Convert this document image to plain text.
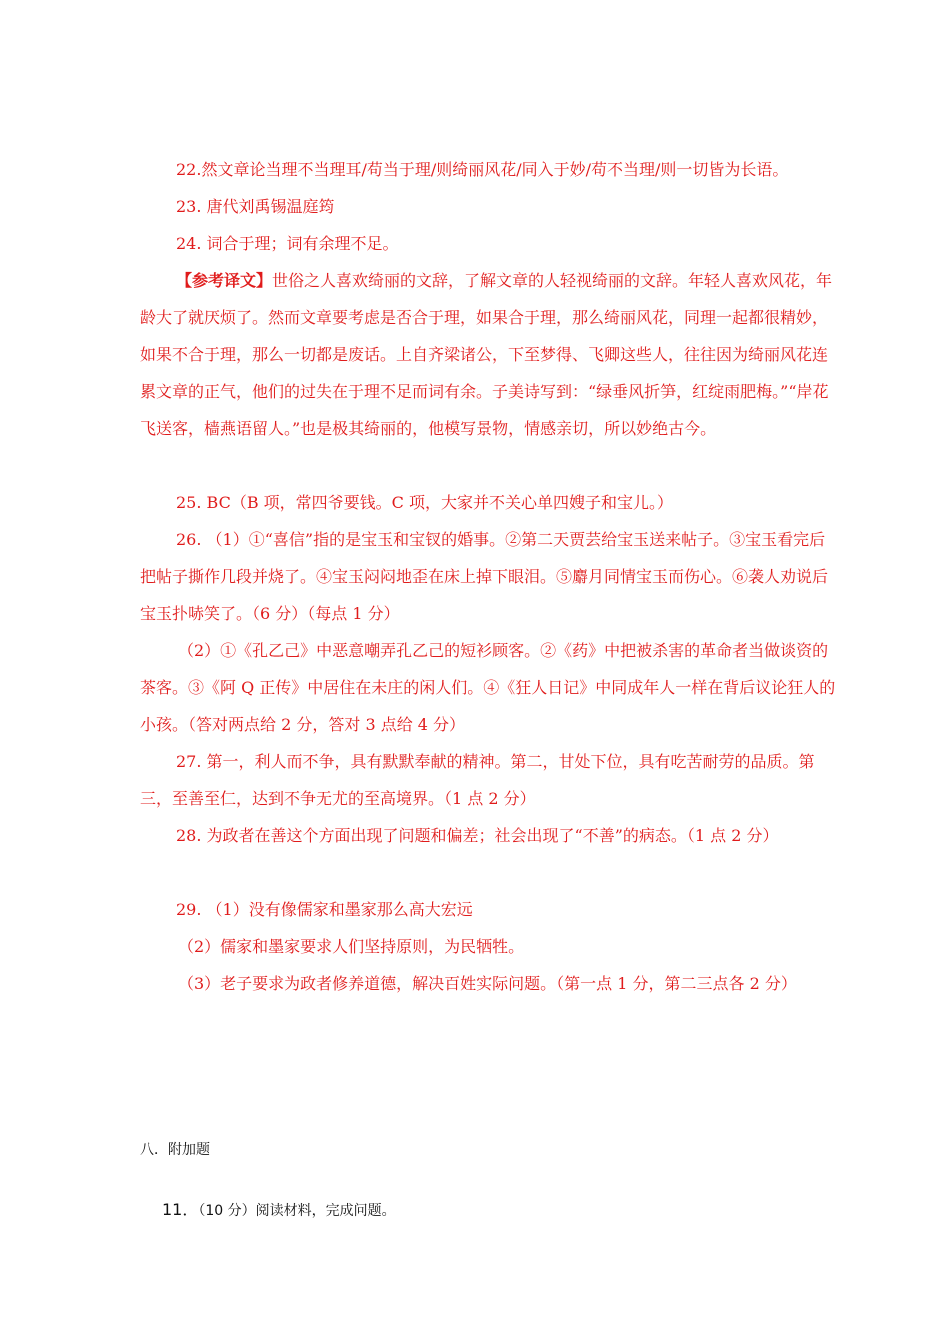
22.然文章论当理不当理耳/苟当于理/则绮丽风花/同入于妙/苟不当理/则一切皆为长语。

23. 唐代刘禹锡温庭筠

24. 词合于理；词有余理不足。

【参考译文】世俗之人喜欢绮丽的文辞，了解文章的人轻视绮丽的文辞。年轻人喜欢风花，年龄大了就厌烦了。然而文章要考虑是否合于理，如果合于理，那么绮丽风花，同理一起都很精妙，如果不合于理，那么一切都是废话。上自齐梁诸公，下至梦得、飞卿这些人，往往因为绮丽风花连累文章的正气，他们的过失在于理不足而词有余。子美诗写到：“绿垂风折笋，红绽雨肥梅。”“岸花飞送客，樯燕语留人。”也是极其绮丽的，他模写景物，情感亲切，所以妙绝古今。

25. BC（B 项，常四爷要钱。C 项，大家并不关心单四嫂子和宝儿。）

26. （1）①“喜信”指的是宝玉和宝钗的婚事。②第二天贾芸给宝玉送来帖子。③宝玉看完后把帖子撕作几段并烧了。④宝玉闷闷地歪在床上掉下眼泪。⑤麝月同情宝玉而伤心。⑥袭人劝说后宝玉扑哧笑了。（6 分）（每点 1 分）

（2）①《孔乙己》中恶意嘲弄孔乙己的短衫顾客。②《药》中把被杀害的革命者当做谈资的茶客。③《阿 Q 正传》中居住在未庄的闲人们。④《狂人日记》中同成年人一样在背后议论狂人的小孩。（答对两点给 2 分，答对 3 点给 4 分）

27. 第一，利人而不争，具有默默奉献的精神。第二，甘处下位，具有吃苦耐劳的品质。第三，至善至仁，达到不争无尤的至高境界。（1 点 2 分）

28. 为政者在善这个方面出现了问题和偏差；社会出现了“不善”的病态。（1 点 2 分）

29. （1）没有像儒家和墨家那么高大宏远

（2）儒家和墨家要求人们坚持原则，为民牺牲。

（3）老子要求为政者修养道德，解决百姓实际问题。（第一点 1 分，第二三点各 2 分）

八．附加题
11．（10 分）阅读材料，完成问题。
